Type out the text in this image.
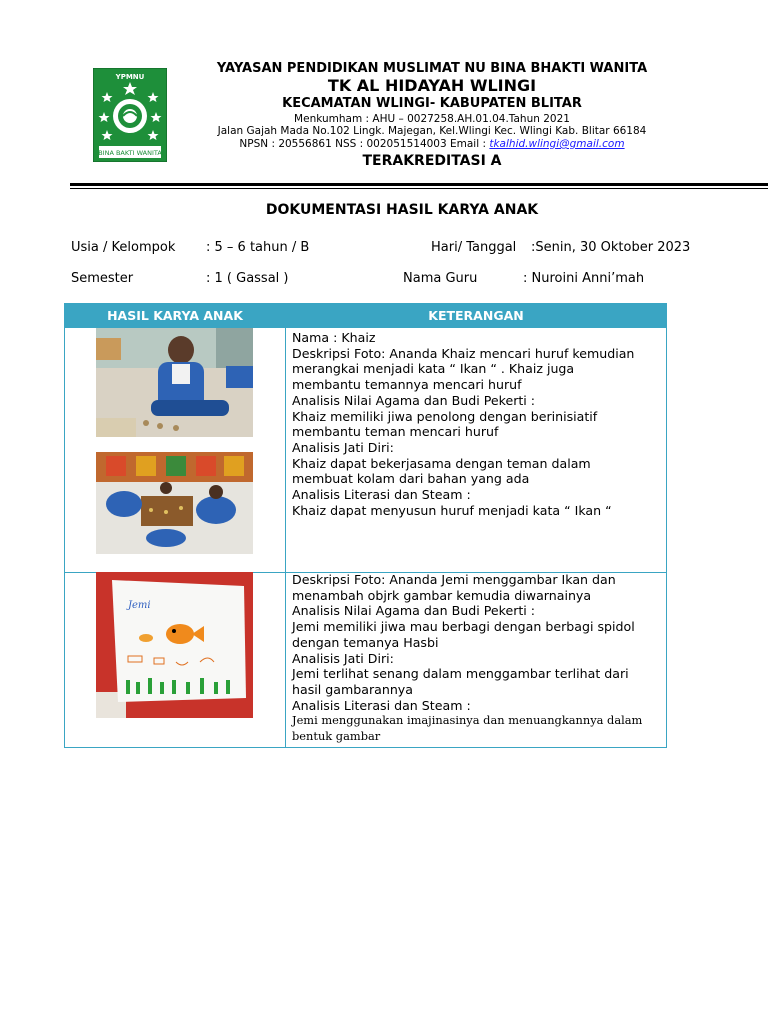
YPMNU
BINA BAKTI WANITA
YAYASAN PENDIDIKAN MUSLIMAT NU BINA BHAKTI WANITA
TK AL HIDAYAH WLINGI
KECAMATAN WLINGI- KABUPATEN BLITAR
Menkumham : AHU – 0027258.AH.01.04.Tahun 2021
Jalan Gajah Mada No.102 Lingk. Majegan, Kel.Wlingi Kec. Wlingi Kab. Blitar 66184
NPSN : 20556861 NSS : 002051514003 Email : tkalhid.wlingi@gmail.com
TERAKREDITASI A
DOKUMENTASI HASIL KARYA ANAK
Usia / Kelompok : 5 – 6 tahun / B	Hari/ Tanggal :Senin, 30 Oktober 2023
Semester	: 1 ( Gassal )	Nama Guru	: Nuroini Anni’mah
HASIL KARYA ANAK	KETERANGAN
Nama : Khaiz
Deskripsi Foto: Ananda Khaiz mencari huruf kemudian
merangkai menjadi kata “ Ikan “ . Khaiz juga
membantu temannya mencari huruf
Analisis Nilai Agama dan Budi Pekerti :
Khaiz memiliki jiwa penolong dengan berinisiatif
membantu teman mencari huruf
Analisis Jati Diri:
Khaiz dapat bekerjasama dengan teman dalam
membuat kolam dari bahan yang ada
Analisis Literasi dan Steam :
Khaiz dapat menyusun huruf menjadi kata “ Ikan “
Jemi
Deskripsi Foto: Ananda Jemi menggambar Ikan dan
menambah objrk gambar kemudia diwarnainya
Analisis Nilai Agama dan Budi Pekerti :
Jemi memiliki jiwa mau berbagi dengan berbagi spidol
dengan temanya Hasbi
Analisis Jati Diri:
Jemi terlihat senang dalam menggambar terlihat dari
hasil gambarannya
Analisis Literasi dan Steam :
Jemi menggunakan imajinasinya dan menuangkannya dalam
bentuk gambar
